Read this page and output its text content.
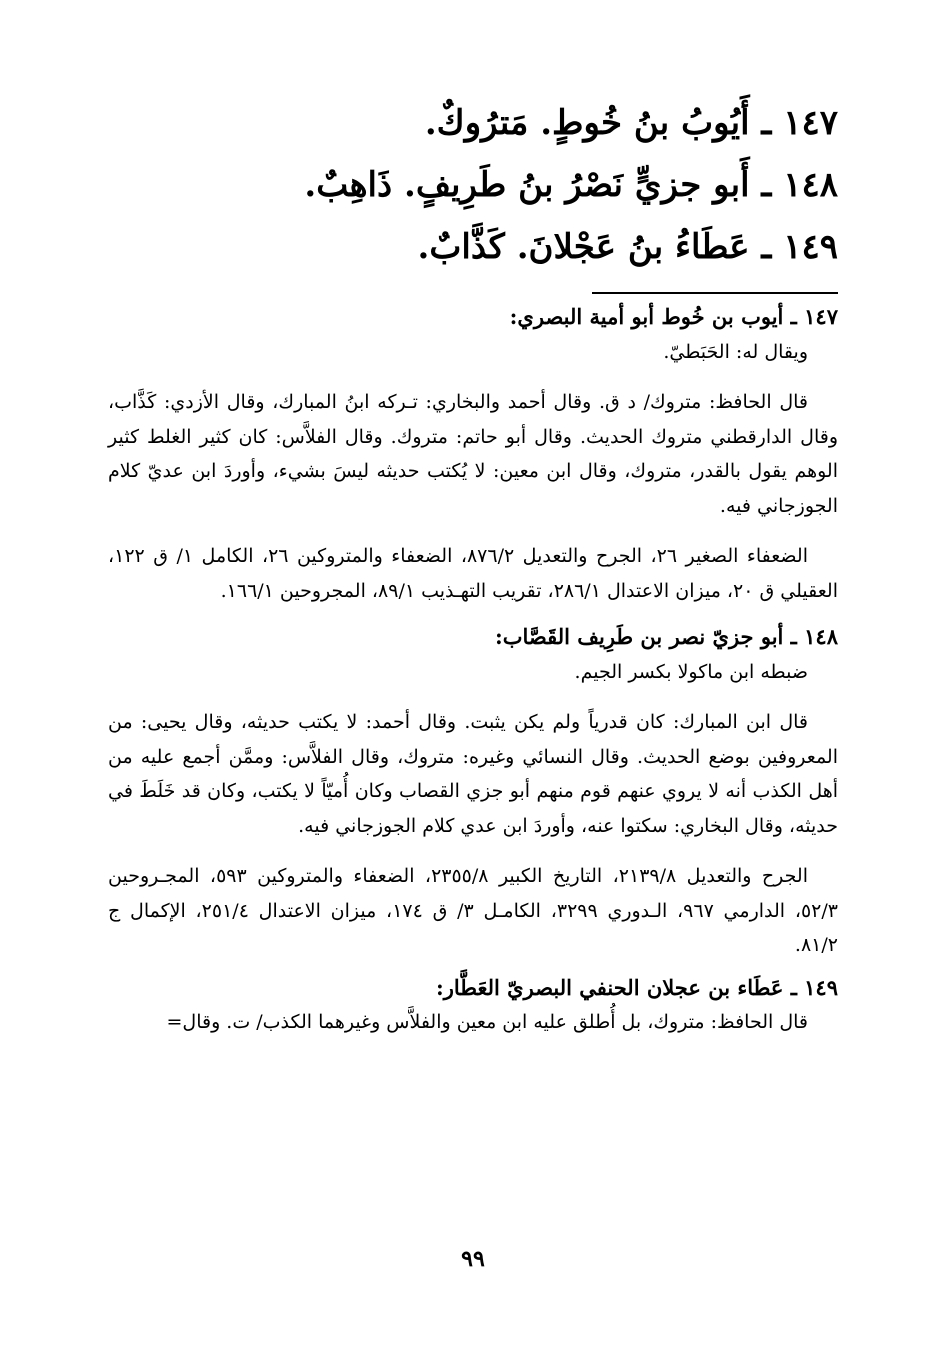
١٤٧ ـ أَيُوبُ بنُ خُوطٍ. مَترُوكٌ.
١٤٨ ـ أَبو جزيٍّ نَصْرُ بنُ طَرِيفٍ. ذَاهِبٌ.
١٤٩ ـ عَطَاءُ بنُ عَجْلانَ. كَذَّابٌ.

١٤٧ ـ أيوب بن خُوط أبو أمية البصري:

ويقال له: الحَبَطيّ.

قال الحافظ: متروك/ د ق. وقال أحمد والبخاري: تـركه ابنُ المبارك، وقال الأزدي: كَذَّاب، وقال الدارقطني متروك الحديث. وقال أبو حاتم: متروك. وقال الفلاَّس: كان كثير الغلط كثير الوهم يقول بالقدر، متروك، وقال ابن معين: لا يُكتب حديثه ليسَ بشيء، وأوردَ ابن عديّ كلام الجوزجاني فيه.

الضعفاء الصغير ٢٦، الجرح والتعديل ٨٧٦/٢، الضعفاء والمتروكين ٢٦، الكامل ١/ ق ١٢٢، العقيلي ق ٢٠، ميزان الاعتدال ٢٨٦/١، تقريب التهـذيب ٨٩/١، المجروحين ١٦٦/١.

١٤٨ ـ أبو جزيّ نصر بن طَرِيف القَصَّاب:

ضبطه ابن ماكولا بكسر الجيم.

قال ابن المبارك: كان قدرياً ولم يكن يثبت. وقال أحمد: لا يكتب حديثه، وقال يحيى: من المعروفين بوضع الحديث. وقال النسائي وغيره: متروك، وقال الفلاَّس: وممَّن أجمع عليه من أهل الكذب أنه لا يروي عنهم قوم منهم أبو جزي القصاب وكان أُميّاً لا يكتب، وكان قد خَلَطَ في حديثه، وقال البخاري: سكتوا عنه، وأوردَ ابن عدي كلام الجوزجاني فيه.

الجرح والتعديل ٢١٣٩/٨، التاريخ الكبير ٢٣٥٥/٨، الضعفاء والمتروكين ٥٩٣، المجـروحين ٥٢/٣، الدارمي ٩٦٧، الـدوري ٣٢٩٩، الكامـل ٣/ ق ١٧٤، ميزان الاعتدال ٢٥١/٤، الإكمال ج ٨١/٢.

١٤٩ ـ عَطَاء بن عجلان الحنفي البصريّ العَطَّار:

قال الحافظ: متروك، بل أُطلق عليه ابن معين والفلاَّس وغيرهما الكذب/ ت. وقال=

٩٩
